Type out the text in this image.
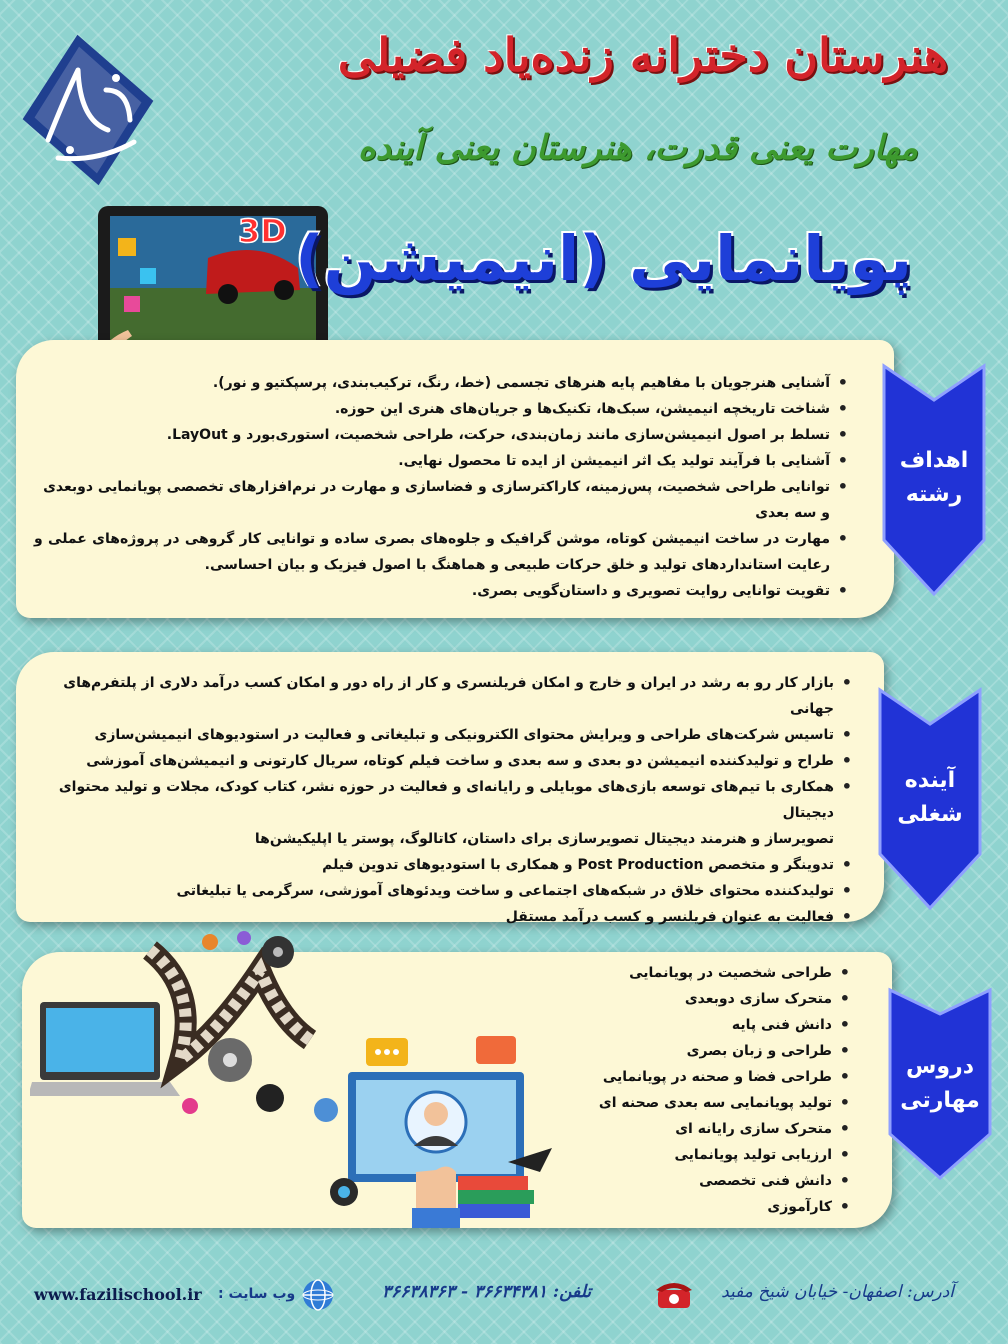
هنرستان دخترانه زنده‌یاد فضیلی
مهارت یعنی قدرت، هنرستان یعنی آینده
3D پویانمایی (انیمیشن)
• آشنایی هنرجویان با مفاهیم پایه هنرهای تجسمی (خط، رنگ، ترکیب‌بندی، پرسپکتیو و نور).
• شناخت تاریخچه انیمیشن، سبک‌ها، تکنیک‌ها و جریان‌های هنری این حوزه.
• تسلط بر اصول انیمیشن‌سازی مانند زمان‌بندی، حرکت، طراحی شخصیت، استوری‌بورد و LayOut.
• آشنایی با فرآیند تولید یک اثر انیمیشن از ایده تا محصول نهایی.
• توانایی طراحی شخصیت، پس‌زمینه، کاراکترسازی و فضاسازی و مهارت در نرم‌افزارهای تخصصی پویانمایی دوبعدی و سه بعدی
• مهارت در ساخت انیمیشن کوتاه، موشن گرافیک و جلوه‌های بصری ساده و توانایی کار گروهی در پروژه‌های عملی و رعایت استانداردهای تولید و خلق حرکات طبیعی و هماهنگ با اصول فیزیک و بیان احساسی.
• تقویت توانایی روایت تصویری و داستان‌گویی بصری.
اهداف
رشته
• بازار کار رو به رشد در ایران و خارج و امکان فریلنسری و کار از راه دور و امکان کسب درآمد دلاری از پلتفرم‌های جهانی
• تاسیس شرکت‌های طراحی و ویرایش محتوای الکترونیکی و تبلیغاتی و فعالیت در استودیوهای انیمیشن‌سازی
• طراح و تولیدکننده انیمیشن دو بعدی و سه بعدی و ساخت فیلم کوتاه، سریال کارتونی و انیمیشن‌های آموزشی
• همکاری با تیم‌های توسعه بازی‌های موبایلی و رایانه‌ای و فعالیت در حوزه نشر، کتاب کودک، مجلات و تولید محتوای دیجیتال
تصویرساز و هنرمند دیجیتال تصویرسازی برای داستان، کاتالوگ، پوستر یا اپلیکیشن‌ها
• تدوینگر و متخصص Post Production و همکاری با استودیوهای تدوین فیلم
• تولیدکننده محتوای خلاق در شبکه‌های اجتماعی و ساخت ویدئوهای آموزشی، سرگرمی یا تبلیغاتی
• فعالیت به عنوان فریلنسر و کسب درآمد مستقل
آینده
شغلی
• طراحی شخصیت در پویانمایی
• متحرک سازی دوبعدی
• دانش فنی پایه
• طراحی و زبان بصری
• طراحی فضا و صحنه در پویانمایی
• تولید پویانمایی سه بعدی صحنه ای
• متحرک سازی رایانه ای
• ارزیابی تولید پویانمایی
• دانش فنی تخصصی
• کارآموزی
دروس
مهارتی
آدرس: اصفهان- خیابان شیخ مفید
تلفن: ۳۶۶۳۴۳۸۱ - ۳۶۶۳۸۳۶۳
وب سایت :
www.fazilischool.ir
